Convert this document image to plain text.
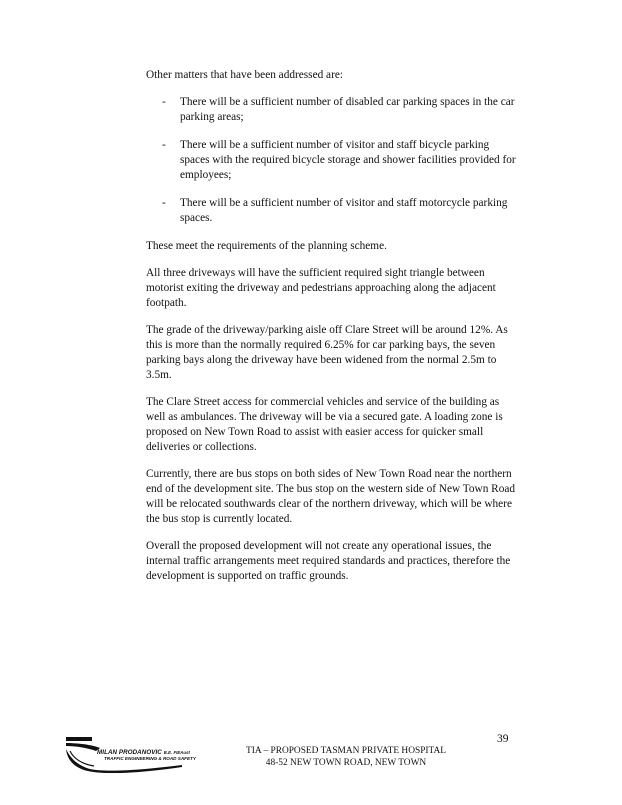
Other matters that have been addressed are:

- There will be a sufficient number of disabled car parking spaces in the car parking areas;
- There will be a sufficient number of visitor and staff bicycle parking spaces with the required bicycle storage and shower facilities provided for employees;
- There will be a sufficient number of visitor and staff motorcycle parking spaces.

These meet the requirements of the planning scheme.

All three driveways will have the sufficient required sight triangle between motorist exiting the driveway and pedestrians approaching along the adjacent footpath.

The grade of the driveway/parking aisle off Clare Street will be around 12%. As this is more than the normally required 6.25% for car parking bays, the seven parking bays along the driveway have been widened from the normal 2.5m to 3.5m.

The Clare Street access for commercial vehicles and service of the building as well as ambulances. The driveway will be via a secured gate. A loading zone is proposed on New Town Road to assist with easier access for quicker small deliveries or collections.

Currently, there are bus stops on both sides of New Town Road near the northern end of the development site. The bus stop on the western side of New Town Road will be relocated southwards clear of the northern driveway, which will be where the bus stop is currently located.

Overall the proposed development will not create any operational issues, the internal traffic arrangements meet required standards and practices, therefore the development is supported on traffic grounds.

39
MILAN PRODANOVIC B.E. FIEAust
TRAFFIC ENGINEERING & ROAD SAFETY
TIA – PROPOSED TASMAN PRIVATE HOSPITAL
48-52 NEW TOWN ROAD, NEW TOWN
